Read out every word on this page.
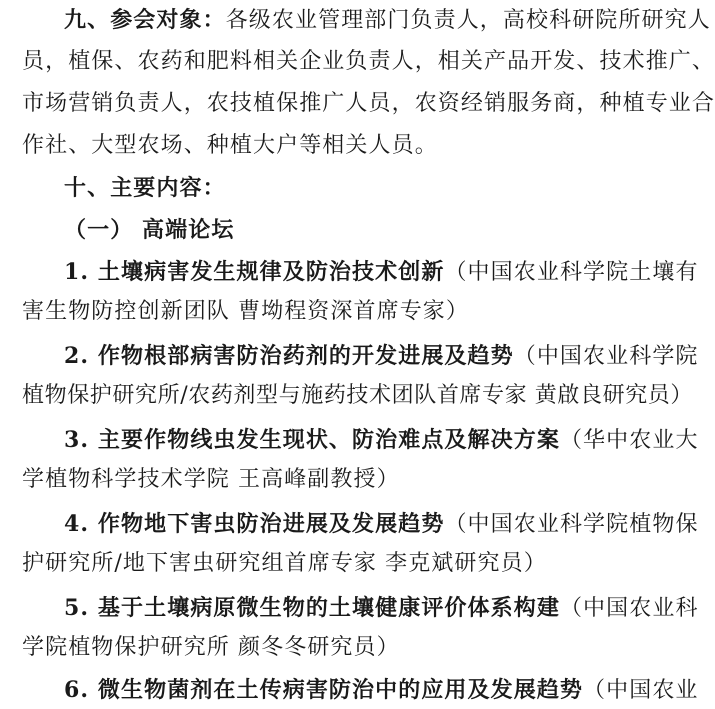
九、参会对象：各级农业管理部门负责人，高校科研院所研究人
员，植保、农药和肥料相关企业负责人，相关产品开发、技术推广、
市场营销负责人，农技植保推广人员，农资经销服务商，种植专业合
作社、大型农场、种植大户等相关人员。
十、主要内容：
（一） 高端论坛
1. 土壤病害发生规律及防治技术创新（中国农业科学院土壤有
害生物防控创新团队 曹坳程资深首席专家）
2. 作物根部病害防治药剂的开发进展及趋势（中国农业科学院
植物保护研究所/农药剂型与施药技术团队首席专家 黄啟良研究员）
3. 主要作物线虫发生现状、防治难点及解决方案（华中农业大
学植物科学技术学院 王高峰副教授）
4. 作物地下害虫防治进展及发展趋势（中国农业科学院植物保
护研究所/地下害虫研究组首席专家 李克斌研究员）
5. 基于土壤病原微生物的土壤健康评价体系构建（中国农业科
学院植物保护研究所 颜冬冬研究员）
6. 微生物菌剂在土传病害防治中的应用及发展趋势（中国农业
